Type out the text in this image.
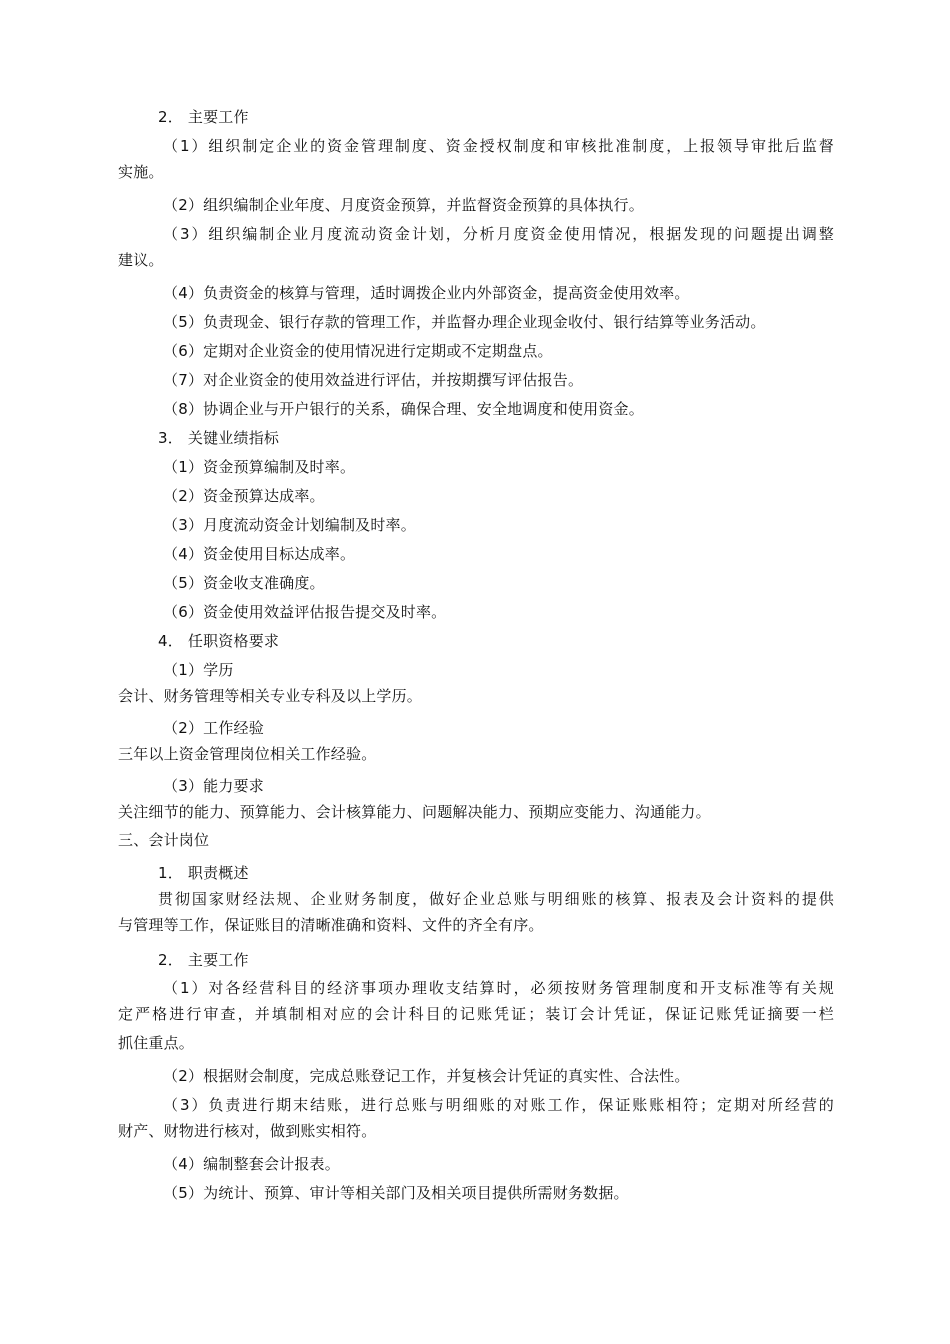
2． 主要工作
（1）组织制定企业的资金管理制度、资金授权制度和审核批准制度，上报领导审批后监督
实施。
（2）组织编制企业年度、月度资金预算，并监督资金预算的具体执行。
（3）组织编制企业月度流动资金计划，分析月度资金使用情况，根据发现的问题提出调整
建议。
（4）负责资金的核算与管理，适时调拨企业内外部资金，提高资金使用效率。
（5）负责现金、银行存款的管理工作，并监督办理企业现金收付、银行结算等业务活动。
（6）定期对企业资金的使用情况进行定期或不定期盘点。
（7）对企业资金的使用效益进行评估，并按期撰写评估报告。
（8）协调企业与开户银行的关系，确保合理、安全地调度和使用资金。
3． 关键业绩指标
（1）资金预算编制及时率。
（2）资金预算达成率。
（3）月度流动资金计划编制及时率。
（4）资金使用目标达成率。
（5）资金收支准确度。
（6）资金使用效益评估报告提交及时率。
4． 任职资格要求
（1）学历
会计、财务管理等相关专业专科及以上学历。
（2）工作经验
三年以上资金管理岗位相关工作经验。
（3）能力要求
关注细节的能力、预算能力、会计核算能力、问题解决能力、预期应变能力、沟通能力。
三、会计岗位
1． 职责概述
贯彻国家财经法规、企业财务制度，做好企业总账与明细账的核算、报表及会计资料的提供
与管理等工作，保证账目的清晰准确和资料、文件的齐全有序。
2． 主要工作
（1）对各经营科目的经济事项办理收支结算时，必须按财务管理制度和开支标准等有关规
定严格进行审查，并填制相对应的会计科目的记账凭证；装订会计凭证，保证记账凭证摘要一栏
抓住重点。
（2）根据财会制度，完成总账登记工作，并复核会计凭证的真实性、合法性。
（3）负责进行期末结账，进行总账与明细账的对账工作，保证账账相符；定期对所经营的
财产、财物进行核对，做到账实相符。
（4）编制整套会计报表。
（5）为统计、预算、审计等相关部门及相关项目提供所需财务数据。
